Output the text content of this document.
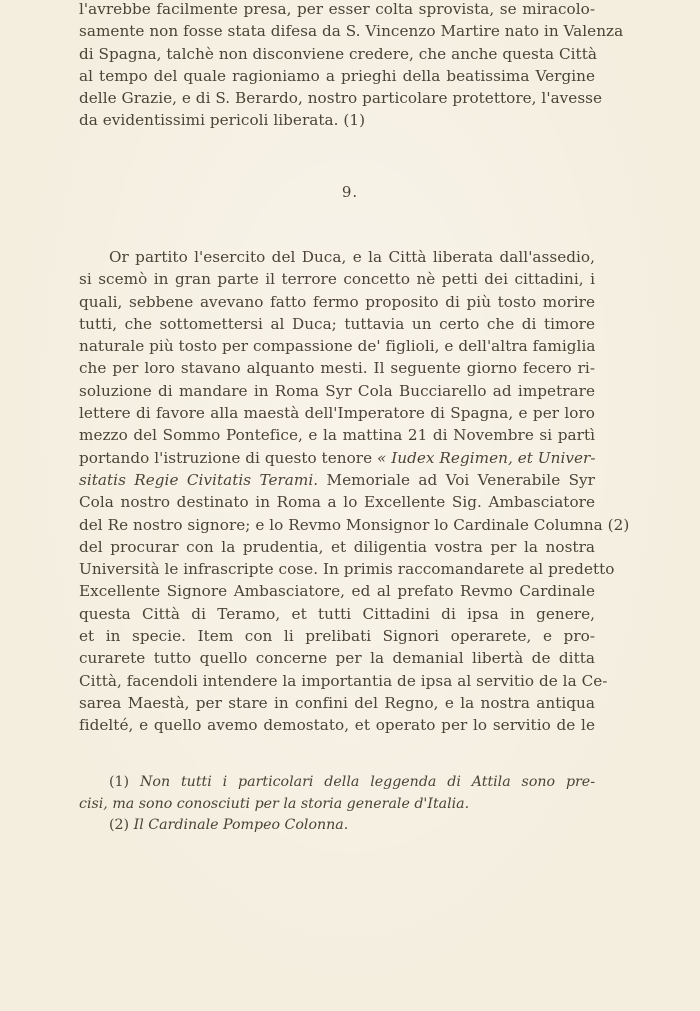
l'avrebbe facilmente presa, per esser colta sprovista, se miracolo-
samente non fosse stata difesa da S. Vincenzo Martire nato in Valenza
di Spagna, talchè non disconviene credere, che anche questa Città
al tempo del quale ragioniamo a prieghi della beatissima Vergine
delle Grazie, e di S. Berardo, nostro particolare protettore, l'avesse
da evidentissimi pericoli liberata. (1)
9.
Or partito l'esercito del Duca, e la Città liberata dall'assedio,
si scemò in gran parte il terrore concetto nè petti dei cittadini, i
quali, sebbene avevano fatto fermo proposito di più tosto morire
tutti, che sottomettersi al Duca; tuttavia un certo che di timore
naturale più tosto per compassione de' figlioli, e dell'altra famiglia
che per loro stavano alquanto mesti. Il seguente giorno fecero ri-
soluzione di mandare in Roma Syr Cola Bucciarello ad impetrare
lettere di favore alla maestà dell'Imperatore di Spagna, e per loro
mezzo del Sommo Pontefice, e la mattina 21 di Novembre si partì
portando l'istruzione di questo tenore « Iudex Regimen, et Univer-
sitatis Regie Civitatis Terami. Memoriale ad Voi Venerabile Syr
Cola nostro destinato in Roma a lo Excellente Sig. Ambasciatore
del Re nostro signore; e lo Revmo Monsignor lo Cardinale Columna (2)
del procurar con la prudentia, et diligentia vostra per la nostra
Università le infrascripte cose. In primis raccomandarete al predetto
Excellente Signore Ambasciatore, ed al prefato Revmo Cardinale
questa Città di Teramo, et tutti Cittadini di ipsa in genere,
et in specie. Item con li prelibati Signori operarete, e pro-
curarete tutto quello concerne per la demanial libertà de ditta
Città, facendoli intendere la importantia de ipsa al servitio de la Ce-
sarea Maestà, per stare in confini del Regno, e la nostra antiqua
fidelté, e quello avemo demostato, et operato per lo servitio de le
(1) Non tutti i particolari della leggenda di Attila sono pre-
cisi, ma sono conosciuti per la storia generale d'Italia.
(2) Il Cardinale Pompeo Colonna.
